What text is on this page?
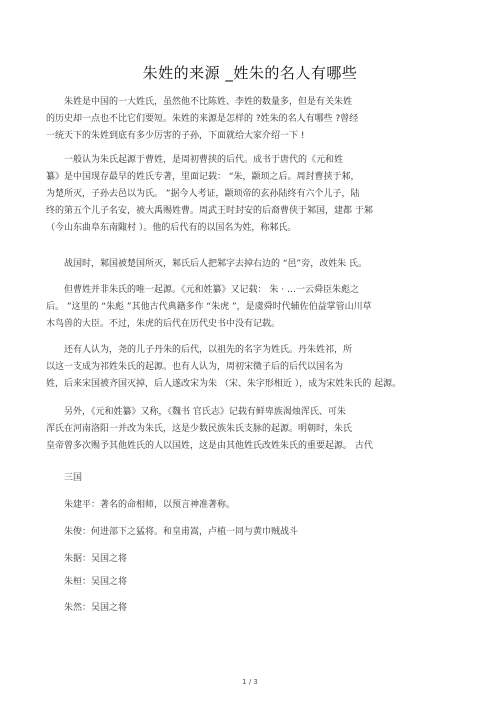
朱姓的来源 _姓朱的名人有哪些

朱姓是中国的一大姓氏，虽然他不比陈姓、李姓的数量多，但是有关朱姓
的历史却一点也不比它们要短。朱姓的来源是怎样的 ?姓朱的名人有哪些 ?曾经
一统天下的朱姓到底有多少厉害的子孙，下面就给大家介绍一下 !

一般认为朱氏起源于曹姓，是周初曹挟的后代。成书于唐代的《元和姓
纂》是中国现存最早的姓氏专著，里面记载： “朱，颛顼之后。周封曹挟于邾，
为楚所灭，子孙去邑以为氏。 ”据今人考证，颛顼帝的玄孙陆终有六个儿子，陆
终的第五个儿子名安，被大禹赐姓曹。周武王时封安的后裔曹侠于邾国，建都 于邾
（今山东曲阜东南陬村 ）。他的后代有的以国名为姓，称邾氏。

战国时，邾国被楚国所灭，邾氏后人把邾字去掉右边的 “邑”旁，改姓朱 氏。

但曹姓并非朱氏的唯一起源。《元和姓纂》又记载： 朱 · …一云舜臣朱彪之
后。 ”这里的 “朱彪 ”其他古代典籍多作 “朱虎 ”，是虞舜时代辅佐伯益掌管山川草
木鸟兽的大臣。不过，朱虎的后代在历代史书中没有记载。

还有人认为，尧的儿子丹朱的后代，以祖先的名字为姓氏。丹朱姓祁，所
以这一支成为祁姓朱氏的起源。也有人认为，周初宋微子后的后代以国名为
姓，后来宋国被齐国灭掉，后人遂改宋为朱 （宋、朱字形相近 ），成为宋姓朱氏的 起源。

另外，《元和姓纂》又称，《魏书 官氏志》记载有鲜卑族渴烛浑氏、可朱
浑氏在河南洛阳一并改为朱氏，这是少数民族朱氏支脉的起源。明朝时，朱氏
皇帝曾多次赐予其他姓氏的人以国姓，这是由其他姓氏改姓朱氏的重要起源。 古代

三国

朱建平：著名的命相师，以预言神准著称。

朱俊：何进部下之猛将。和皇甫嵩，卢植一同与黄巾贼战斗

朱据：吴国之将

朱桓：吴国之将

朱然：吴国之将

1 / 3
